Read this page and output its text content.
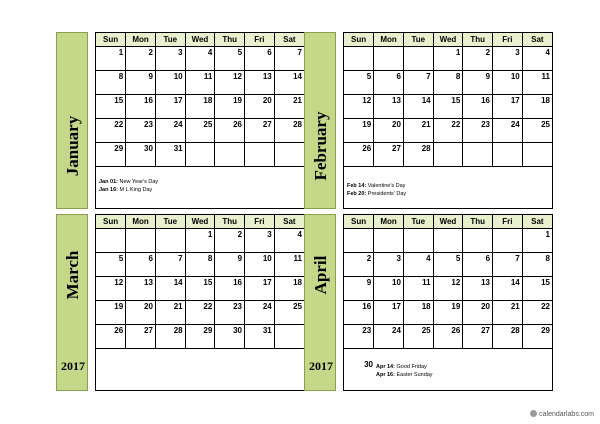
January
Sun	Mon	Tue	Wed	Thu	Fri	Sat
1	2	3	4	5	6	7
8	9	10	11	12	13	14
15	16	17	18	19	20	21
22	23	24	25	26	27	28
29	30	31				
Jan 01: New Year's Day
Jan 16: M L King Day
February
Sun	Mon	Tue	Wed	Thu	Fri	Sat
			1	2	3	4
5	6	7	8	9	10	11
12	13	14	15	16	17	18
19	20	21	22	23	24	25
26	27	28				
Feb 14: Valentine's Day
Feb 20: Presidents' Day
March
2017
Sun	Mon	Tue	Wed	Thu	Fri	Sat
			1	2	3	4
5	6	7	8	9	10	11
12	13	14	15	16	17	18
19	20	21	22	23	24	25
26	27	28	29	30	31	
April
2017
Sun	Mon	Tue	Wed	Thu	Fri	Sat
						1
2	3	4	5	6	7	8
9	10	11	12	13	14	15
16	17	18	19	20	21	22
23	24	25	26	27	28	29
30 Apr 14: Good Friday
Apr 16: Easter Sunday
calendarlabs.com
